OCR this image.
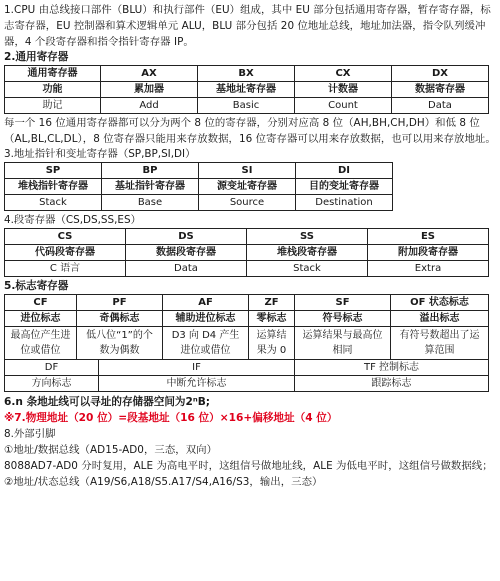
1.CPU 由总线接口部件（BLU）和执行部件（EU）组成，其中 EU 部分包括通用寄存器，暂存寄存器，标志寄存器，EU 控制器和算术逻辑单元 ALU，BLU 部分包括 20 位地址总线，地址加法器，指令队列缓冲器，4 个段寄存器和指令指针寄存器 IP。
2.通用寄存器
通用寄存器	AX	BX	CX	DX
功能	累加器	基地址寄存器	计数器	数据寄存器
助记	Add	Basic	Count	Data
每一个 16 位通用寄存器都可以分为两个 8 位的寄存器，分别对应高 8 位（AH,BH,CH,DH）和低 8 位（AL,BL,CL,DL），8 位寄存器只能用来存放数据，16 位寄存器可以用来存放数据，也可以用来存放地址。
3.地址指针和变址寄存器（SP,BP,SI,DI）
SP	BP	SI	DI
堆栈指针寄存器	基址指针寄存器	源变址寄存器	目的变址寄存器
Stack	Base	Source	Destination
4.段寄存器（CS,DS,SS,ES）
CS	DS	SS	ES
代码段寄存器	数据段寄存器	堆栈段寄存器	附加段寄存器
C 语言	Data	Stack	Extra
5.标志寄存器
CF	PF		AF	ZF	SF	OF 状态标志
进位标志	奇偶标志		辅助进位标志	零标志	符号标志	溢出标志
最高位产生进位或借位	低八位“1”的个数为偶数		D3 向 D4 产生进位或借位	运算结果为 0	运算结果与最高位相同	有符号数超出了运算范围
DF		IF			TF 控制标志	
方向标志		中断允许标志			跟踪标志	
6.n 条地址线可以寻址的存储器空间为2ⁿB;
※7.物理地址（20 位）=段基地址（16 位）×16+偏移地址（4 位）
8.外部引脚
①地址/数据总线（AD15-AD0，三态，双向）
8088AD7-AD0 分时复用，ALE 为高电平时，这组信号做地址线，ALE 为低电平时，这组信号做数据线；
②地址/状态总线（A19/S6,A18/S5.A17/S4,A16/S3，输出，三态）
